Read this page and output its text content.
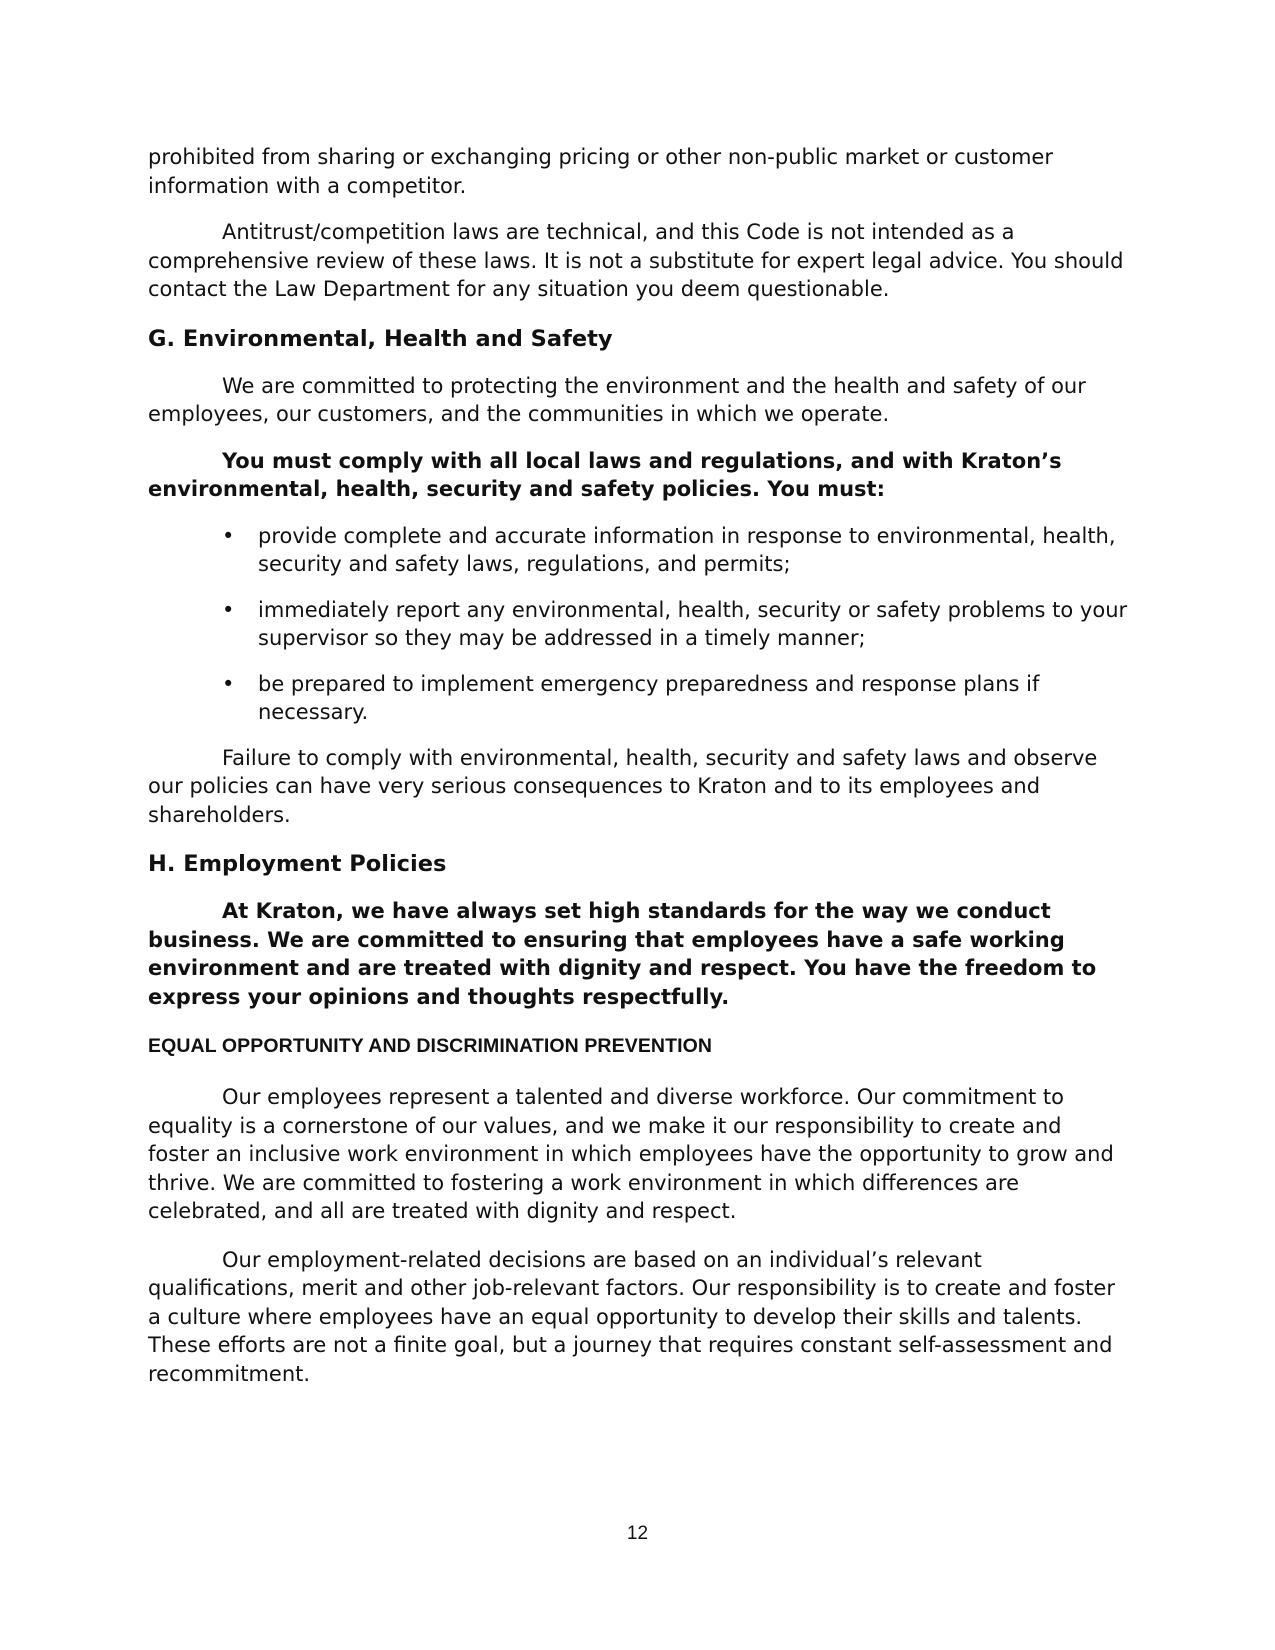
prohibited from sharing or exchanging pricing or other non-public market or customer information with a competitor.

Antitrust/competition laws are technical, and this Code is not intended as a comprehensive review of these laws. It is not a substitute for expert legal advice. You should contact the Law Department for any situation you deem questionable.

G. Environmental, Health and Safety

We are committed to protecting the environment and the health and safety of our employees, our customers, and the communities in which we operate.

You must comply with all local laws and regulations, and with Kraton’s environmental, health, security and safety policies. You must:

• provide complete and accurate information in response to environmental, health, security and safety laws, regulations, and permits;
• immediately report any environmental, health, security or safety problems to your supervisor so they may be addressed in a timely manner;
• be prepared to implement emergency preparedness and response plans if necessary.

Failure to comply with environmental, health, security and safety laws and observe our policies can have very serious consequences to Kraton and to its employees and shareholders.

H. Employment Policies

At Kraton, we have always set high standards for the way we conduct business. We are committed to ensuring that employees have a safe working environment and are treated with dignity and respect. You have the freedom to express your opinions and thoughts respectfully.

EQUAL OPPORTUNITY AND DISCRIMINATION PREVENTION

Our employees represent a talented and diverse workforce. Our commitment to equality is a cornerstone of our values, and we make it our responsibility to create and foster an inclusive work environment in which employees have the opportunity to grow and thrive. We are committed to fostering a work environment in which differences are celebrated, and all are treated with dignity and respect.

Our employment-related decisions are based on an individual’s relevant qualifications, merit and other job-relevant factors. Our responsibility is to create and foster a culture where employees have an equal opportunity to develop their skills and talents. These efforts are not a finite goal, but a journey that requires constant self-assessment and recommitment.

12
